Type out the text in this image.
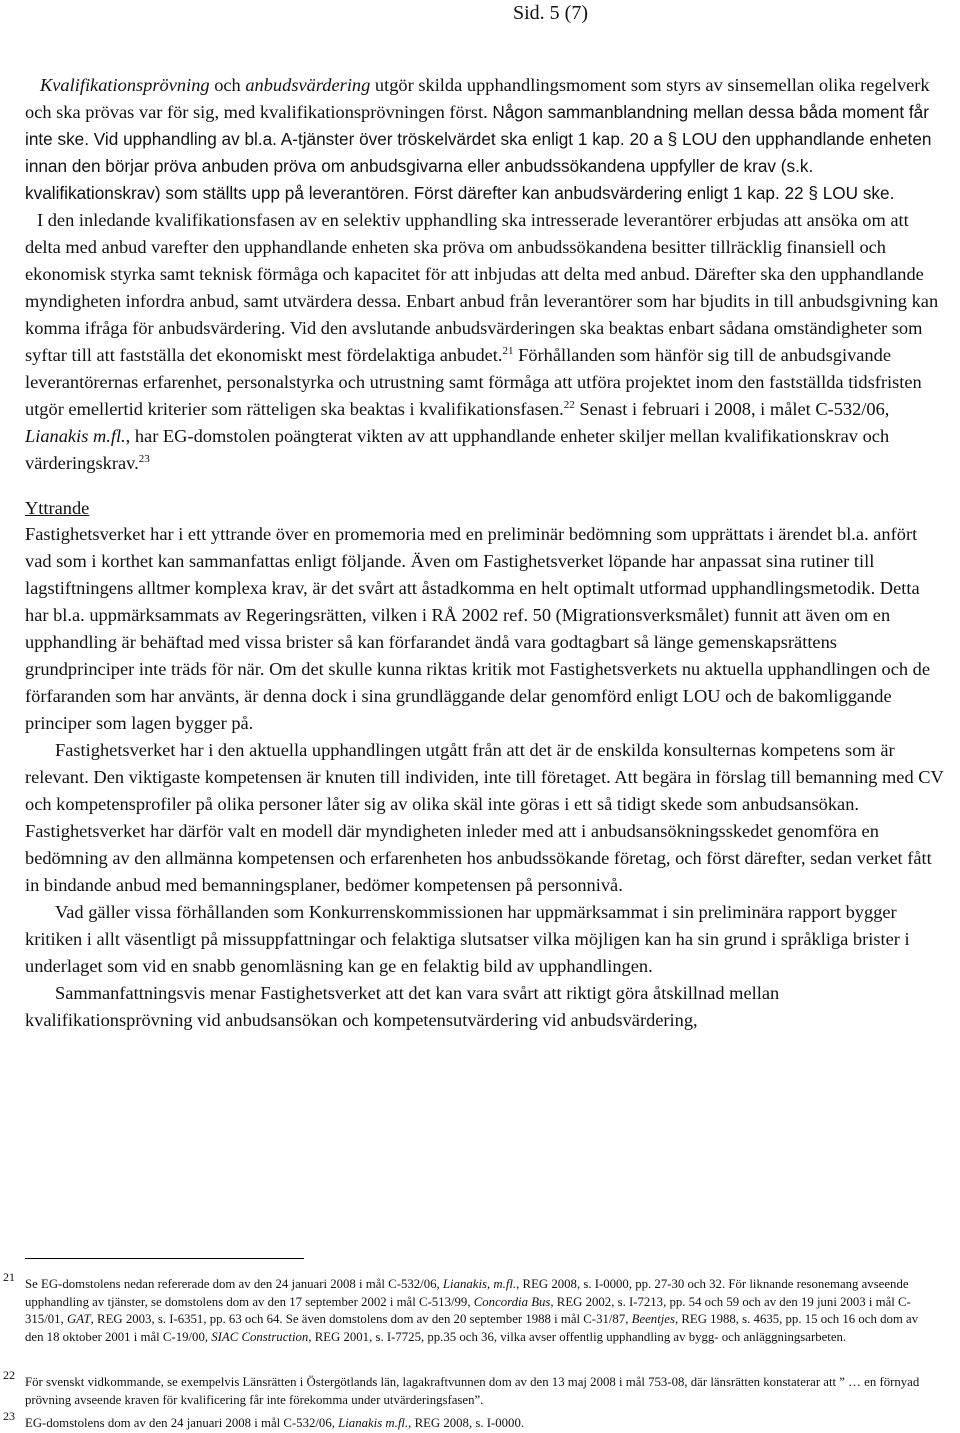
Sid. 5 (7)

Kvalifikationsprövning och anbudsvärdering utgör skilda upphandlingsmoment som styrs av sinsemellan olika regelverk och ska prövas var för sig, med kvalifikationsprövningen först. Någon sammanblandning mellan dessa båda moment får inte ske. Vid upphandling av bl.a. A-tjänster över tröskelvärdet ska enligt 1 kap. 20 a § LOU den upphandlande enheten innan den börjar pröva anbuden pröva om anbudsgivarna eller anbudssökandena uppfyller de krav (s.k. kvalifikationskrav) som ställts upp på leverantören. Först därefter kan anbudsvärdering enligt 1 kap. 22 § LOU ske.

I den inledande kvalifikationsfasen av en selektiv upphandling ska intresserade leverantörer erbjudas att ansöka om att delta med anbud varefter den upphandlande enheten ska pröva om anbudssökandena besitter tillräcklig finansiell och ekonomisk styrka samt teknisk förmåga och kapacitet för att inbjudas att delta med anbud. Därefter ska den upphandlande myndigheten infordra anbud, samt utvärdera dessa. Enbart anbud från leverantörer som har bjudits in till anbudsgivning kan komma ifråga för anbudsvärdering. Vid den avslutande anbudsvärderingen ska beaktas enbart sådana omständigheter som syftar till att fastställa det ekonomiskt mest fördelaktiga anbudet.$^{21}$ Förhållanden som hänför sig till de anbudsgivande leverantörernas erfarenhet, personalstyrka och utrustning samt förmåga att utföra projektet inom den fastställda tidsfristen utgör emellertid kriterier som rätteligen ska beaktas i kvalifikationsfasen.$^{22}$ Senast i februari i 2008, i målet C-532/06, Lianakis m.fl., har EG-domstolen poängterat vikten av att upphandlande enheter skiljer mellan kvalifikationskrav och värderingskrav.$^{23}$

Yttrande

Fastighetsverket har i ett yttrande över en promemoria med en preliminär bedömning som upprättats i ärendet bl.a. anfört vad som i korthet kan sammanfattas enligt följande. Även om Fastighetsverket löpande har anpassat sina rutiner till lagstiftningens alltmer komplexa krav, är det svårt att åstadkomma en helt optimalt utformad upphandlingsmetodik. Detta har bl.a. uppmärksammats av Regeringsrätten, vilken i RÅ 2002 ref. 50 (Migrationsverksmålet) funnit att även om en upphandling är behäftad med vissa brister så kan förfarandet ändå vara godtagbart så länge gemenskapsrättens grundprinciper inte träds för när. Om det skulle kunna riktas kritik mot Fastighetsverkets nu aktuella upphandlingen och de förfaranden som har använts, är denna dock i sina grundläggande delar genomförd enligt LOU och de bakomliggande principer som lagen bygger på.

Fastighetsverket har i den aktuella upphandlingen utgått från att det är de enskilda konsulternas kompetens som är relevant. Den viktigaste kompetensen är knuten till individen, inte till företaget. Att begära in förslag till bemanning med CV och kompetensprofiler på olika personer låter sig av olika skäl inte göras i ett så tidigt skede som anbudsansökan. Fastighetsverket har därför valt en modell där myndigheten inleder med att i anbudsansökningsskedet genomföra en bedömning av den allmänna kompetensen och erfarenheten hos anbudssökande företag, och först därefter, sedan verket fått in bindande anbud med bemanningsplaner, bedömer kompetensen på personnivå.

Vad gäller vissa förhållanden som Konkurrenskommissionen har uppmärksammat i sin preliminära rapport bygger kritiken i allt väsentligt på missuppfattningar och felaktiga slutsatser vilka möjligen kan ha sin grund i språkliga brister i underlaget som vid en snabb genomläsning kan ge en felaktig bild av upphandlingen.

Sammanfattningsvis menar Fastighetsverket att det kan vara svårt att riktigt göra åtskillnad mellan kvalifikationsprövning vid anbudsansökan och kompetensutvärdering vid anbudsvärdering,

21 Se EG-domstolens nedan refererade dom av den 24 januari 2008 i mål C-532/06, Lianakis, m.fl., REG 2008, s. I-0000, pp. 27-30 och 32. För liknande resonemang avseende upphandling av tjänster, se domstolens dom av den 17 september 2002 i mål C-513/99, Concordia Bus, REG 2002, s. I-7213, pp. 54 och 59 och av den 19 juni 2003 i mål C-315/01, GAT, REG 2003, s. I-6351, pp. 63 och 64. Se även domstolens dom av den 20 september 1988 i mål C-31/87, Beentjes, REG 1988, s. 4635, pp. 15 och 16 och dom av den 18 oktober 2001 i mål C-19/00, SIAC Construction, REG 2001, s. I-7725, pp.35 och 36, vilka avser offentlig upphandling av bygg- och anläggningsarbeten.
22 För svenskt vidkommande, se exempelvis Länsrätten i Östergötlands län, lagakraftvunnen dom av den 13 maj 2008 i mål 753-08, där länsrätten konstaterar att ” … en förnyad prövning avseende kraven för kvalificering får inte förekomma under utvärderingsfasen”.
23 EG-domstolens dom av den 24 januari 2008 i mål C-532/06, Lianakis m.fl., REG 2008, s. I-0000.
